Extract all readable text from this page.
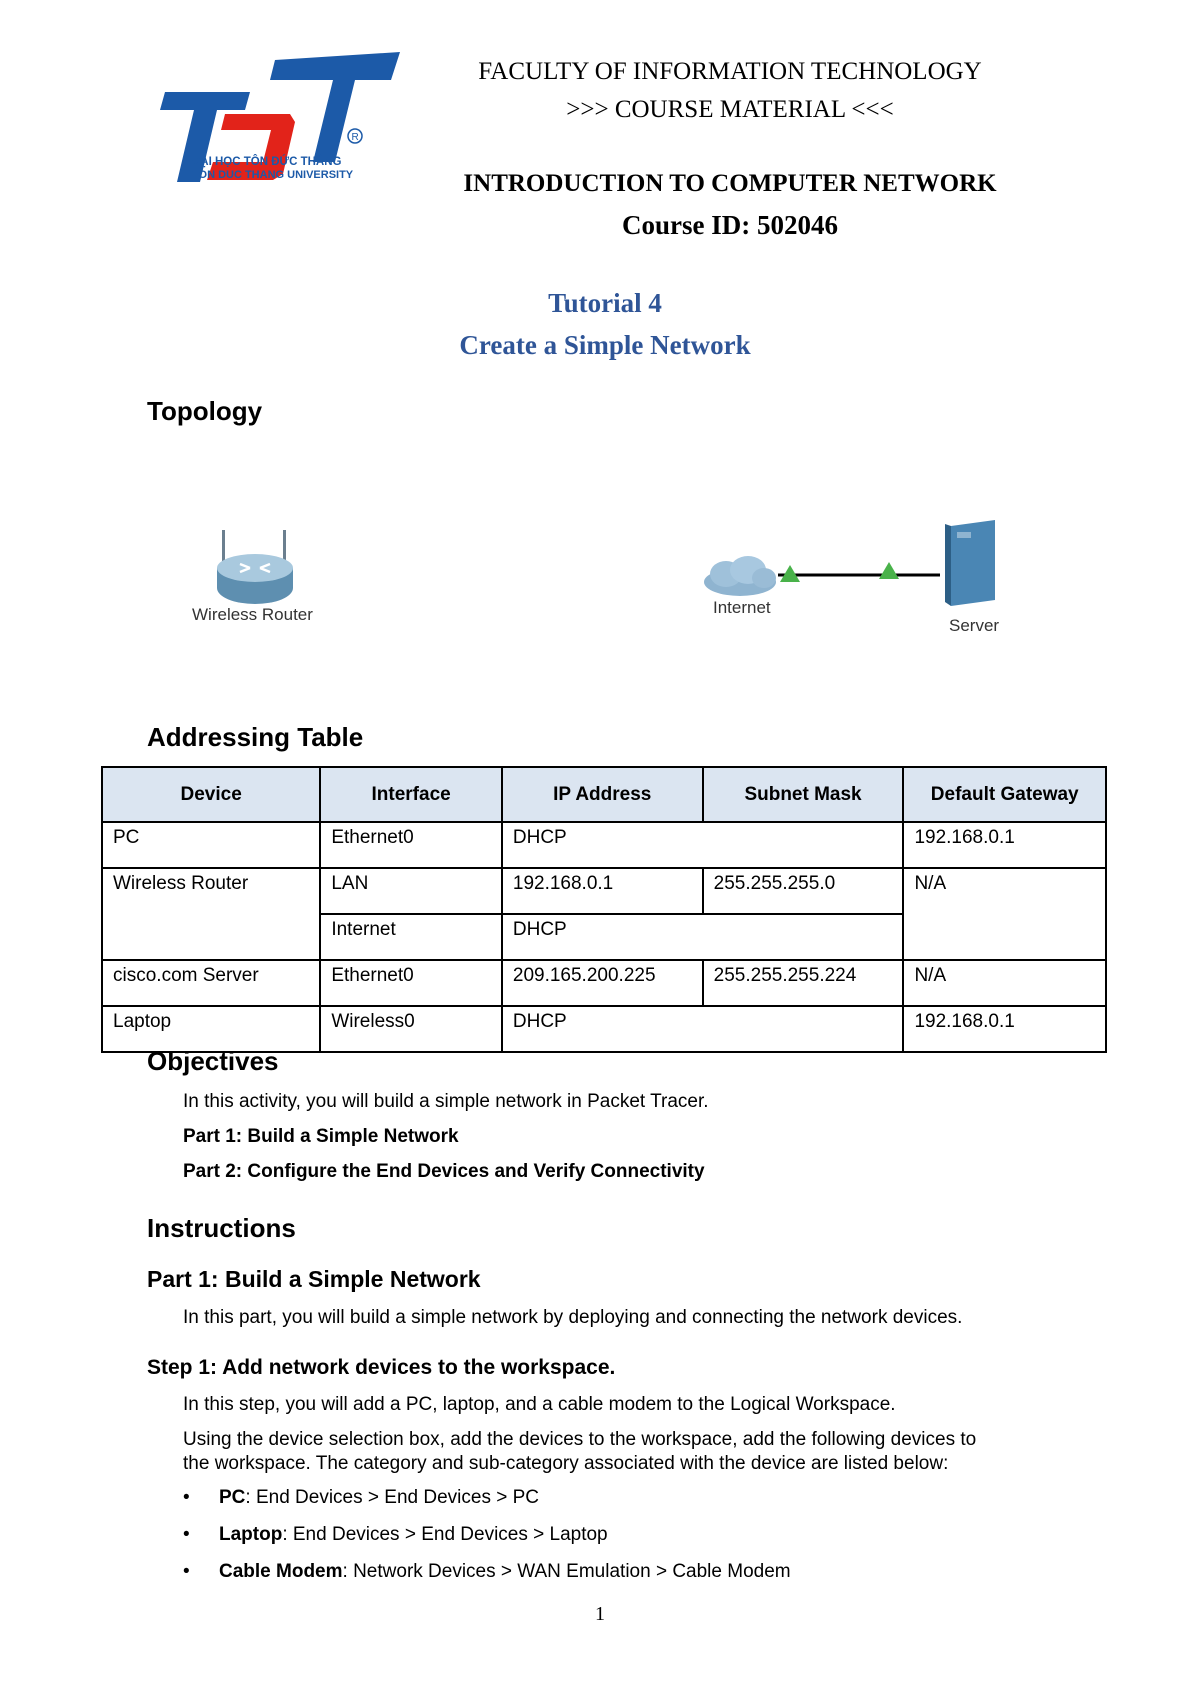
R
ĐẠI HỌC TÔN ĐỨC THẮNG
TON DUC THANG UNIVERSITY
FACULTY OF INFORMATION TECHNOLOGY
>>> COURSE MATERIAL <<<
INTRODUCTION TO COMPUTER NETWORK
Course ID: 502046
Tutorial 4
Create a Simple Network
Topology
Wireless Router	Internet
Server
Addressing Table
Device	Interface	IP Address	Subnet Mask	Default Gateway
PC	Ethernet0	DHCP		192.168.0.1
Wireless Router	LAN	192.168.0.1	255.255.255.0	N/A
	Internet	DHCP		
cisco.com Server	Ethernet0	209.165.200.225	255.255.255.224	N/A
Laptop	Wireless0	DHCP		192.168.0.1
Objectives
In this activity, you will build a simple network in Packet Tracer.
Part 1: Build a Simple Network
Part 2: Configure the End Devices and Verify Connectivity
Instructions
Part 1: Build a Simple Network
In this part, you will build a simple network by deploying and connecting the network devices.
Step 1: Add network devices to the workspace.
In this step, you will add a PC, laptop, and a cable modem to the Logical Workspace.
Using the device selection box, add the devices to the workspace, add the following devices to
the workspace. The category and sub-category associated with the device are listed below:
• PC: End Devices > End Devices > PC
• Laptop: End Devices > End Devices > Laptop
• Cable Modem: Network Devices > WAN Emulation > Cable Modem
1
